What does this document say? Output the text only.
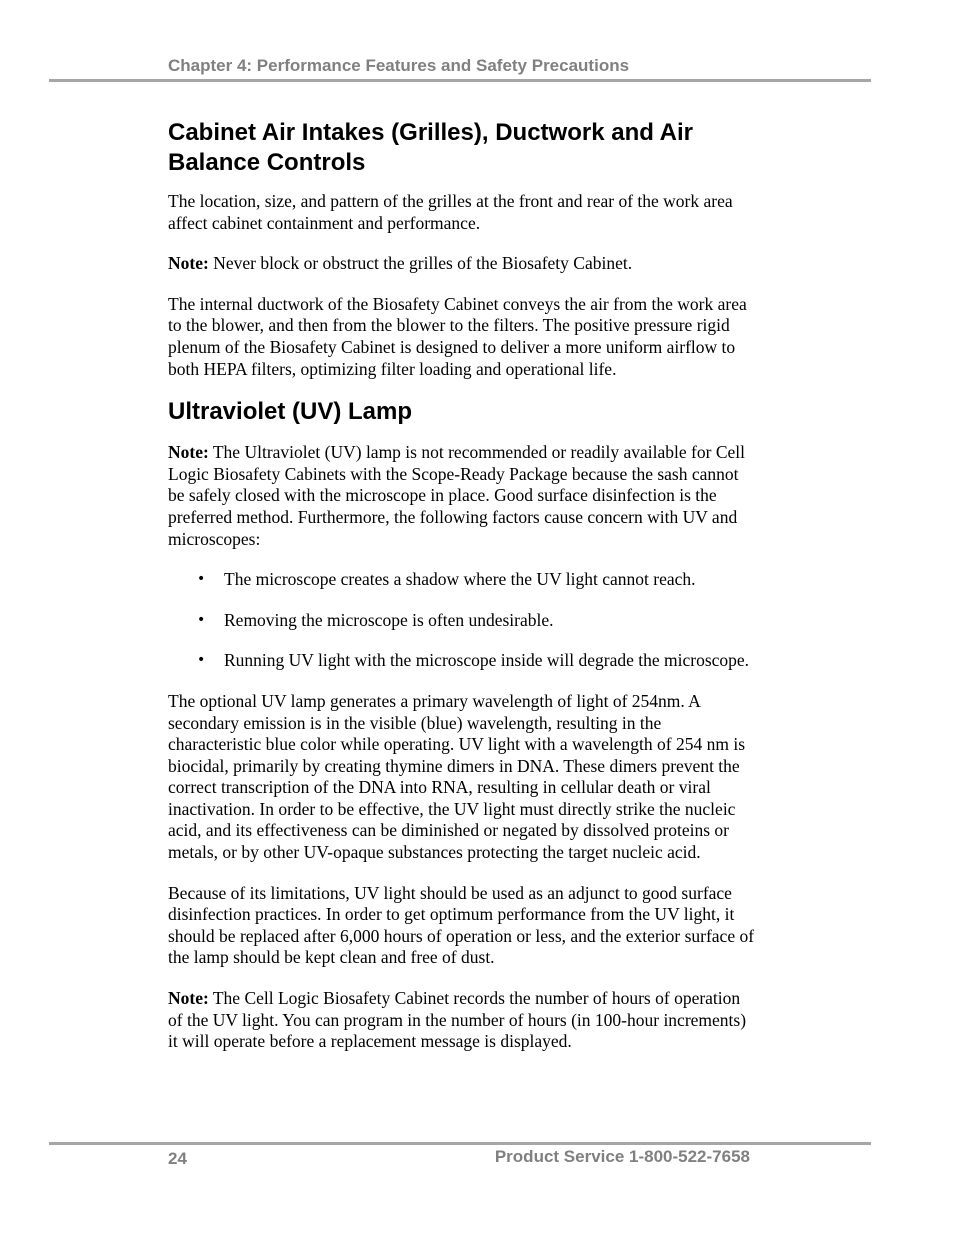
Chapter 4: Performance Features and Safety Precautions
Cabinet Air Intakes (Grilles), Ductwork and Air
Balance Controls

The location, size, and pattern of the grilles at the front and rear of the work area affect cabinet containment and performance.

Note: Never block or obstruct the grilles of the Biosafety Cabinet.

The internal ductwork of the Biosafety Cabinet conveys the air from the work area to the blower, and then from the blower to the filters. The positive pressure rigid plenum of the Biosafety Cabinet is designed to deliver a more uniform airflow to both HEPA filters, optimizing filter loading and operational life.

Ultraviolet (UV) Lamp

Note: The Ultraviolet (UV) lamp is not recommended or readily available for Cell Logic Biosafety Cabinets with the Scope-Ready Package because the sash cannot be safely closed with the microscope in place. Good surface disinfection is the preferred method. Furthermore, the following factors cause concern with UV and microscopes:

• The microscope creates a shadow where the UV light cannot reach.
• Removing the microscope is often undesirable.
• Running UV light with the microscope inside will degrade the microscope.

The optional UV lamp generates a primary wavelength of light of 254nm. A secondary emission is in the visible (blue) wavelength, resulting in the characteristic blue color while operating. UV light with a wavelength of 254 nm is biocidal, primarily by creating thymine dimers in DNA. These dimers prevent the correct transcription of the DNA into RNA, resulting in cellular death or viral inactivation. In order to be effective, the UV light must directly strike the nucleic acid, and its effectiveness can be diminished or negated by dissolved proteins or metals, or by other UV-opaque substances protecting the target nucleic acid.

Because of its limitations, UV light should be used as an adjunct to good surface disinfection practices. In order to get optimum performance from the UV light, it should be replaced after 6,000 hours of operation or less, and the exterior surface of the lamp should be kept clean and free of dust.

Note: The Cell Logic Biosafety Cabinet records the number of hours of operation of the UV light. You can program in the number of hours (in 100-hour increments) it will operate before a replacement message is displayed.

24	Product Service 1-800-522-7658
